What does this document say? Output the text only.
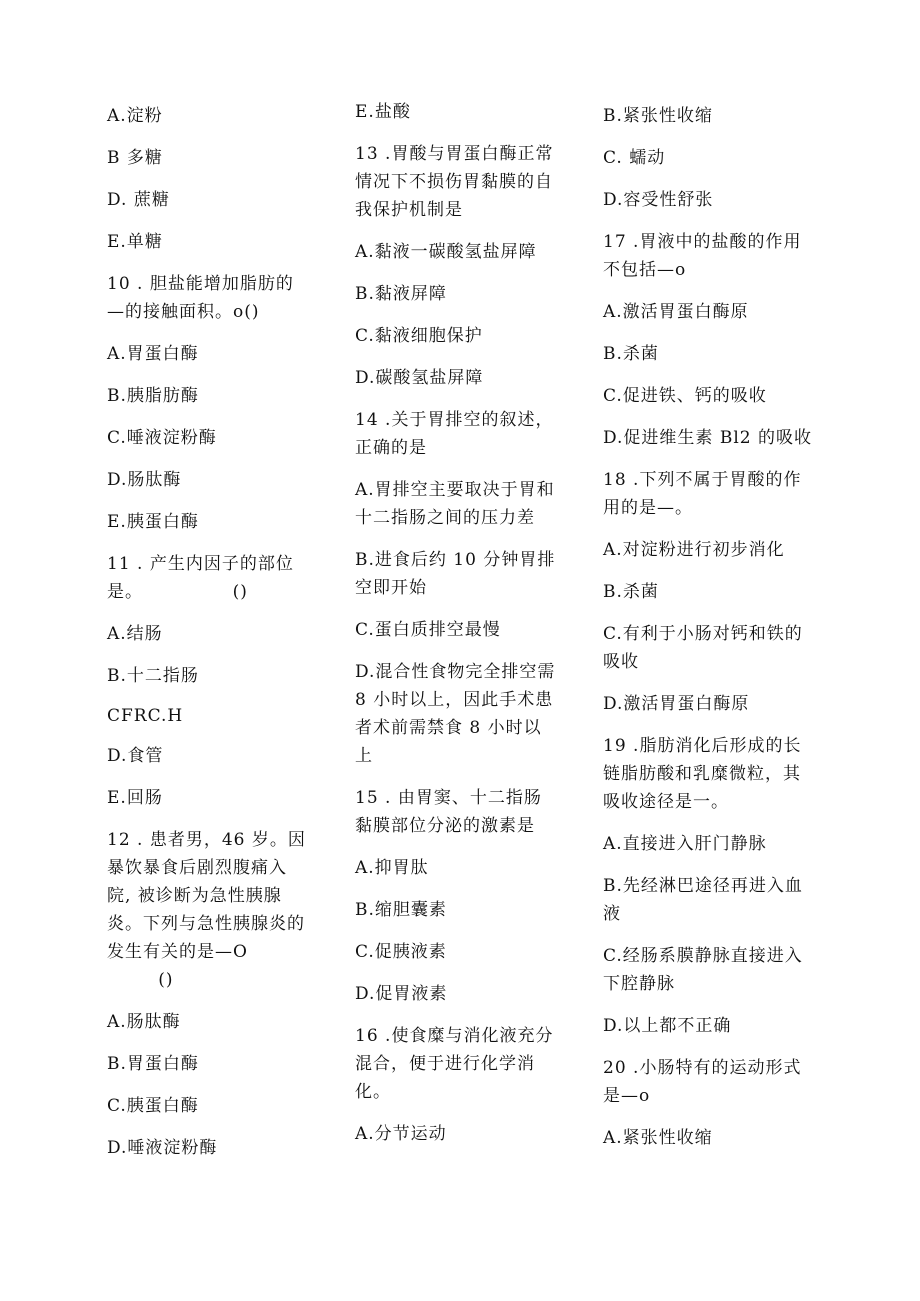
A.淀粉

B 多糖

D. 蔗糖

E.单糖

10 . 胆盐能增加脂肪的
—的接触面积。o()

A.胃蛋白酶

B.胰脂肪酶

C.唾液淀粉酶

D.肠肽酶

E.胰蛋白酶

11 . 产生内因子的部位
是。              ()

A.结肠

B.十二指肠

CFRC.H

D.食管

E.回肠

12 . 患者男，46 岁。因
暴饮暴食后剧烈腹痛入
院, 被诊断为急性胰腺
炎。下列与急性胰腺炎的
发生有关的是—O
()

A.肠肽酶

B.胃蛋白酶

C.胰蛋白酶

D.唾液淀粉酶

E.盐酸

13 .胃酸与胃蛋白酶正常
情况下不损伤胃黏膜的自
我保护机制是

A.黏液一碳酸氢盐屏障

B.黏液屏障

C.黏液细胞保护

D.碳酸氢盐屏障

14 .关于胃排空的叙述，
正确的是

A.胃排空主要取决于胃和
十二指肠之间的压力差

B.进食后约 10 分钟胃排
空即开始

C.蛋白质排空最慢

D.混合性食物完全排空需
8 小时以上，因此手术患
者术前需禁食 8 小时以
上

15 . 由胃窦、十二指肠
黏膜部位分泌的激素是

A.抑胃肽

B.缩胆囊素

C.促胰液素

D.促胃液素

16 .使食糜与消化液充分
混合，便于进行化学消
化。

A.分节运动

B.紧张性收缩

C. 蠕动

D.容受性舒张

17 .胃液中的盐酸的作用
不包括—o

A.激活胃蛋白酶原

B.杀菌

C.促进铁、钙的吸收

D.促进维生素 Bl2 的吸收

18 .下列不属于胃酸的作
用的是—。

A.对淀粉进行初步消化

B.杀菌

C.有利于小肠对钙和铁的
吸收

D.激活胃蛋白酶原

19 .脂肪消化后形成的长
链脂肪酸和乳糜微粒，其
吸收途径是一。

A.直接进入肝门静脉

B.先经淋巴途径再进入血
液

C.经肠系膜静脉直接进入
下腔静脉

D.以上都不正确

20 .小肠特有的运动形式
是—o

A.紧张性收缩
